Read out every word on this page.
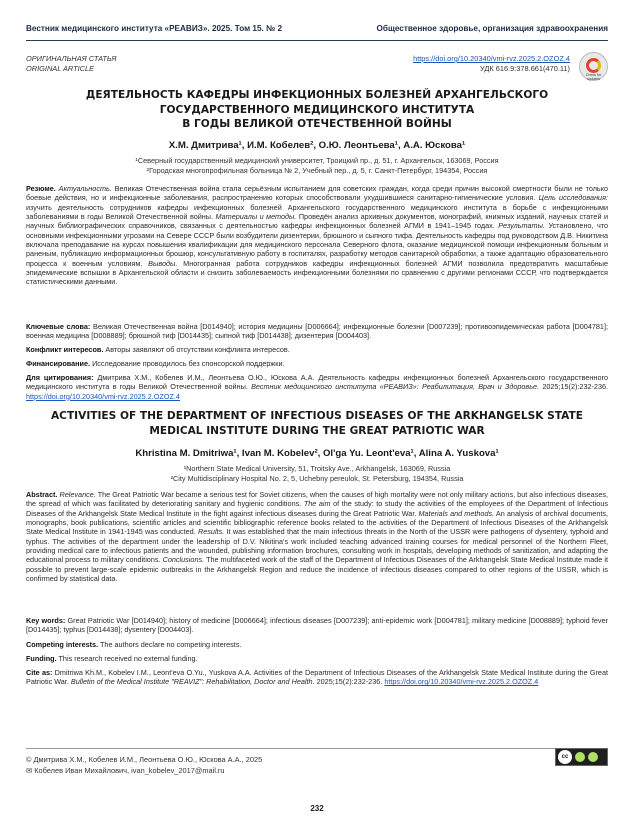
Вестник медицинского института «РЕАВИЗ». 2025. Том 15. № 2	Общественное здоровье, организация здравоохранения
ОРИГИНАЛЬНАЯ СТАТЬЯ
ORIGINAL ARTICLE
https://doi.org/10.20340/vmi-rvz.2025.2.OZOZ.4
УДК 616.9:378.661(470.11)
Check for updates
ДЕЯТЕЛЬНОСТЬ КАФЕДРЫ ИНФЕКЦИОННЫХ БОЛЕЗНЕЙ АРХАНГЕЛЬСКОГО
ГОСУДАРСТВЕННОГО МЕДИЦИНСКОГО ИНСТИТУТА
В ГОДЫ ВЕЛИКОЙ ОТЕЧЕСТВЕННОЙ ВОЙНЫ
Х.М. Дмитрива¹, И.М. Кобелев², О.Ю. Леонтьева¹, А.А. Юскова¹
¹Северный государственный медицинский университет, Троицкий пр., д. 51, г. Архангельск, 163069, Россия
²Городская многопрофильная больница № 2, Учебный пер., д. 5, г. Санкт-Петербург, 194354, Россия
Резюме. Актуальность. Великая Отечественная война стала серьёзным испытанием для советских граждан, когда среди причин высокой смертности были не только боевые действия, но и инфекционные заболевания, распространению которых способствовали ухудшившиеся санитарно-гигиенические условия. Цель исследования: изучить деятельность сотрудников кафедры инфекционных болезней Архангельского государственного медицинского института в борьбе с инфекционными заболеваниями в годы Великой Отечественной войны. Материалы и методы. Проведён анализ архивных документов, монографий, книжных изданий, научных статей и научных библиографических справочников, связанных с деятельностью кафедры инфекционных болезней АГМИ в 1941–1945 годах. Результаты. Установлено, что основными инфекционными угрозами на Севере СССР были возбудители дизентерии, брюшного и сыпного тифа. Деятельность кафедры под руководством Д.В. Никитина включала преподавание на курсах повышения квалификации для медицинского персонала Северного флота, оказание медицинской помощи инфекционным больным и раненым, публикацию информационных брошюр, консультативную работу в госпиталях, разработку методов санитарной обработки, а также адаптацию образовательного процесса к военным условиям. Выводы. Многогранная работа сотрудников кафедры инфекционных болезней АГМИ позволила предотвратить масштабные эпидемические вспышки в Архангельской области и снизить заболеваемость инфекционными болезнями по сравнению с другими регионами СССР, что подтверждается статистическими данными.
Ключевые слова: Великая Отечественная война [D014940]; история медицины [D006664]; инфекционные болезни [D007239]; противоэпидемическая работа [D004781]; военная медицина [D008889]; брюшной тиф [D014435]; сыпной тиф [D014438]; дизентерия [D004403].
Конфликт интересов. Авторы заявляют об отсутствии конфликта интересов.
Финансирование. Исследование проводилось без спонсорской поддержки.
Для цитирования: Дмитрива Х.М., Кобелев И.М., Леонтьева О.Ю., Юскова А.А. Деятельность кафедры инфекционных болезней Архангельского государственного медицинского института в годы Великой Отечественной войны. Вестник медицинского института «РЕАВИЗ»: Реабилитация, Врач и Здоровье. 2025;15(2):232-236. https://doi.org/10.20340/vmi-rvz.2025.2.OZOZ.4
ACTIVITIES OF THE DEPARTMENT OF INFECTIOUS DISEASES OF THE ARKHANGELSK STATE
MEDICAL INSTITUTE DURING THE GREAT PATRIOTIC WAR
Khristina M. Dmitriwa¹, Ivan M. Kobelev², Ol'ga Yu. Leont'eva¹, Alina A. Yuskova¹
¹Northern State Medical University, 51, Troitsky Ave., Arkhangelsk, 163069, Russia
²City Multidisciplinary Hospital No. 2, 5, Uchebny pereulok, St. Petersburg, 194354, Russia
Abstract. Relevance. The Great Patriotic War became a serious test for Soviet citizens, when the causes of high mortality were not only military actions, but also infectious diseases, the spread of which was facilitated by deteriorating sanitary and hygienic conditions. The aim of the study: to study the activities of the employees of the Department of Infectious Diseases of the Arkhangelsk State Medical Institute in the fight against infectious diseases during the Great Patriotic War. Materials and methods. An analysis of archival documents, monographs, book publications, scientific articles and scientific bibliographic reference books related to the activities of the Department of Infectious Diseases of the Arkhangelsk State Medical Institute in 1941-1945 was conducted. Results. It was established that the main infectious threats in the North of the USSR were pathogens of dysentery, typhoid and typhus. The activities of the department under the leadership of D.V. Nikitina's work included teaching advanced training courses for medical personnel of the Northern Fleet, providing medical care to infectious patients and the wounded, publishing information brochures, consulting work in hospitals, developing methods of sanitization, and adapting the educational process to military conditions. Conclusions. The multifaceted work of the staff of the Department of Infectious Diseases of the Arkhangelsk State Medical Institute made it possible to prevent large-scale epidemic outbreaks in the Arkhangelsk Region and reduce the incidence of infectious diseases compared to other regions of the USSR, which is confirmed by statistical data.
Key words: Great Patriotic War [D014940]; history of medicine [D006664]; infectious diseases [D007239]; anti-epidemic work [D004781]; military medicine [D008889]; typhoid fever [D014435]; typhus [D014438]; dysentery [D004403].
Competing interests. The authors declare no competing interests.
Funding. This research received no external funding.
Cite as: Dmitriwa Kh.M., Kobelev I.M., Leont'eva O.Yu., Yuskova A.A. Activities of the Department of Infectious Diseases of the Arkhangelsk State Medical Institute during the Great Patriotic War. Bulletin of the Medical Institute "REAVIZ": Rehabilitation, Doctor and Health. 2025;15(2):232-236. https://doi.org/10.20340/vmi-rvz.2025.2.OZOZ.4
© Дмитрива Х.М., Кобелев И.М., Леонтьева О.Ю., Юскова А.А., 2025
✉ Кобелев Иван Михайлович, ivan_kobelev_2017@mail.ru
cc
232
